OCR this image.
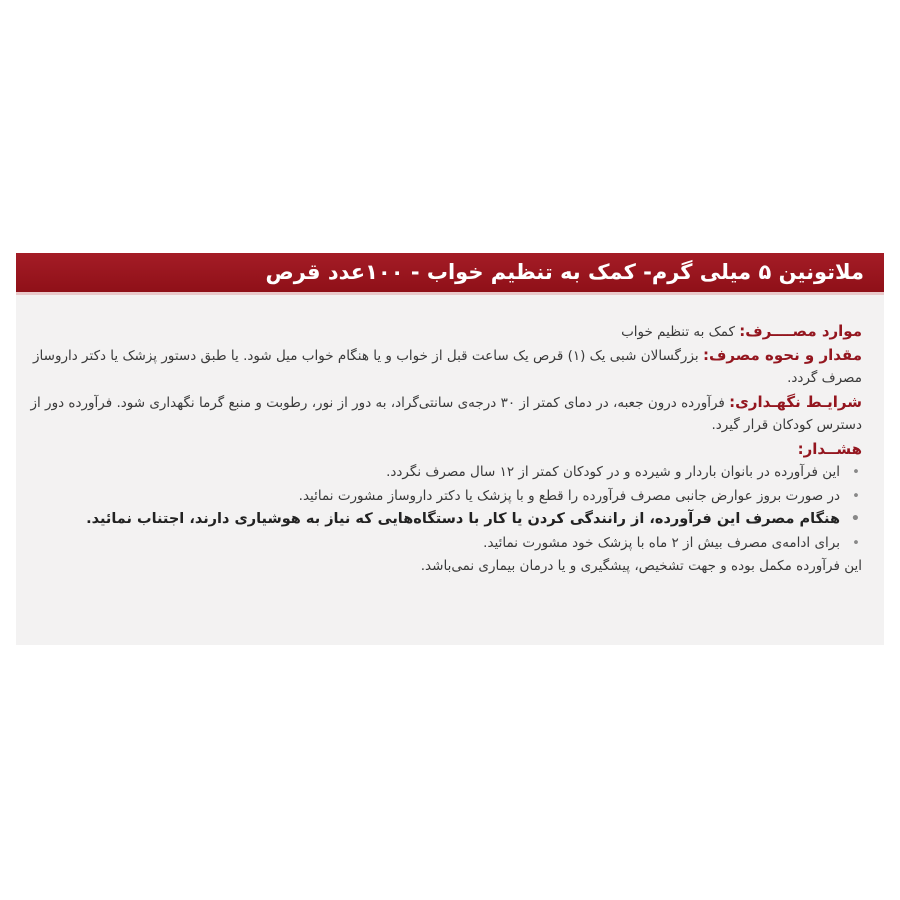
ملاتونین ۵ میلی گرم- کمک به تنظیم خواب - ۱۰۰عدد قرص
موارد مصــــرف: کمک به تنظیم خواب
مقدار و نحوه مصرف: بزرگسالان شبی یک (۱) قرص یک ساعت قبل از خواب و یا هنگام خواب میل شود. یا طبق دستور پزشک یا دکتر داروساز
مصرف گردد.
شرایـط نگهـداری: فرآورده درون جعبه، در دمای کمتر از ۳۰ درجه‌ی سانتی‌گراد، به دور از نور، رطوبت و منبع گرما نگهداری شود. فرآورده دور از
دسترس کودکان قرار گیرد.
هشــدار:
•این فرآورده در بانوان باردار و شیرده و در کودکان کمتر از ۱۲ سال مصرف نگردد.
•در صورت بروز عوارض جانبی مصرف فرآورده را قطع و با پزشک یا دکتر داروساز مشورت نمائید.
•هنگام مصرف این فرآورده، از رانندگی کردن یا کار با دستگاه‌هایی که نیاز به هوشیاری دارند، اجتناب نمائید.
•برای ادامه‌ی مصرف بیش از ۲ ماه با پزشک خود مشورت نمائید.
این فرآورده مکمل بوده و جهت تشخیص، پیشگیری و یا درمان بیماری نمی‌باشد.
